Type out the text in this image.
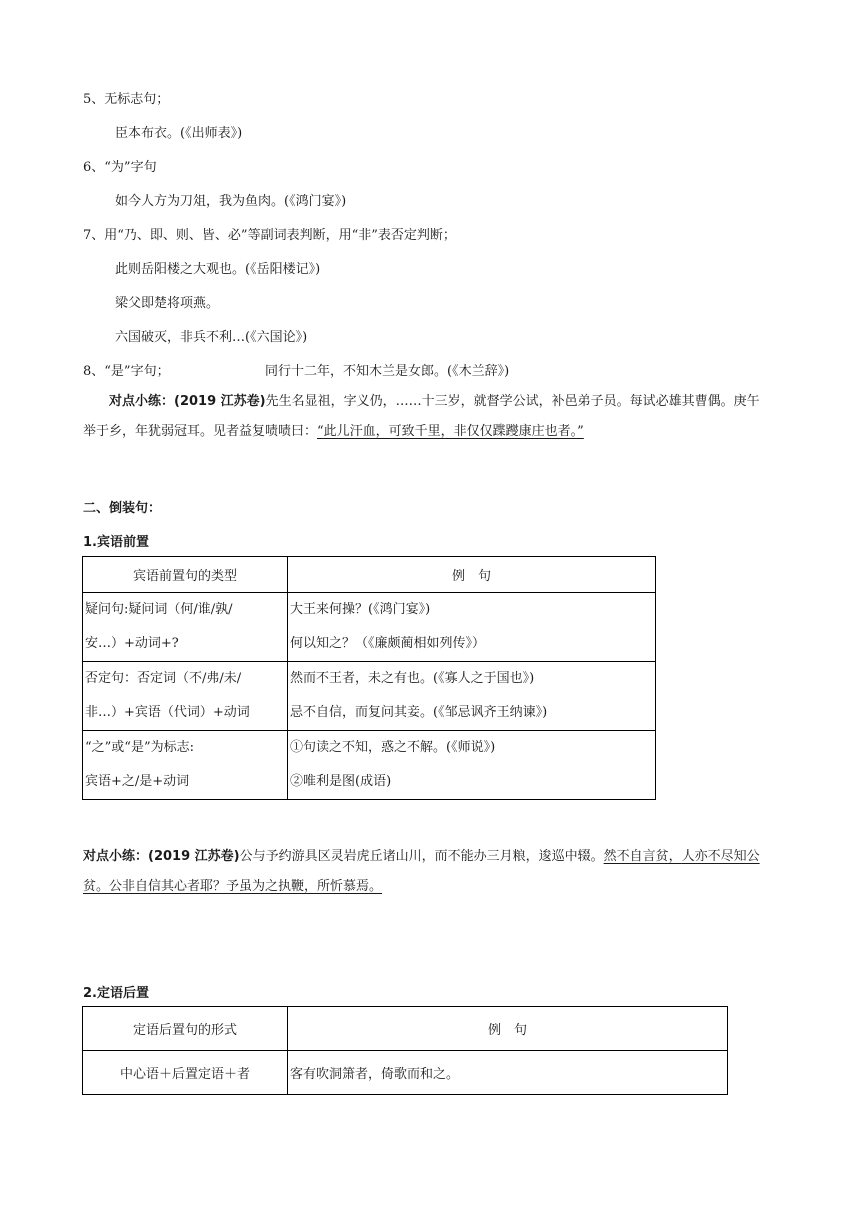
5、无标志句；
臣本布衣。(《出师表》)
6、“为”字句
如今人方为刀俎，我为鱼肉。(《鸿门宴》)
7、用“乃、即、则、皆、必”等副词表判断，用“非”表否定判断；
此则岳阳楼之大观也。(《岳阳楼记》)
梁父即楚将项燕。
六国破灭，非兵不利…(《六国论》)
8、“是”字句；	同行十二年，不知木兰是女郎。(《木兰辞》)
对点小练：(2019 江苏卷)先生名显祖，字义仍，……十三岁，就督学公试，补邑弟子员。每试必雄其曹偶。庚午举于乡，年犹弱冠耳。见者益复啧啧曰：“此儿汗血，可致千里，非仅仅蹀躞康庄也者。”
二、倒装句：
1.宾语前置
宾语前置句的类型	例　句

疑问句:疑问词（何/谁/孰/
安…）+动词+?	大王来何操？(《鸿门宴》)
何以知之？（《廉颇蔺相如列传》）

否定句：否定词（不/弗/未/
非…）+宾语（代词）+动词	然而不王者，未之有也。(《寡人之于国也》)
忌不自信，而复问其妾。(《邹忌讽齐王纳谏》)

“之”或“是”为标志:
宾语+之/是+动词	①句读之不知，惑之不解。(《师说》)
②唯利是图(成语)
对点小练：(2019 江苏卷)公与予约游具区灵岩虎丘诸山川，而不能办三月粮，逡巡中辍。然不自言贫，人亦不尽知公贫。公非自信其心者耶？予虽为之执鞭，所忻慕焉。
2.定语后置
定语后置句的形式	例　句
中心语＋后置定语＋者	客有吹洞箫者，倚歌而和之。
